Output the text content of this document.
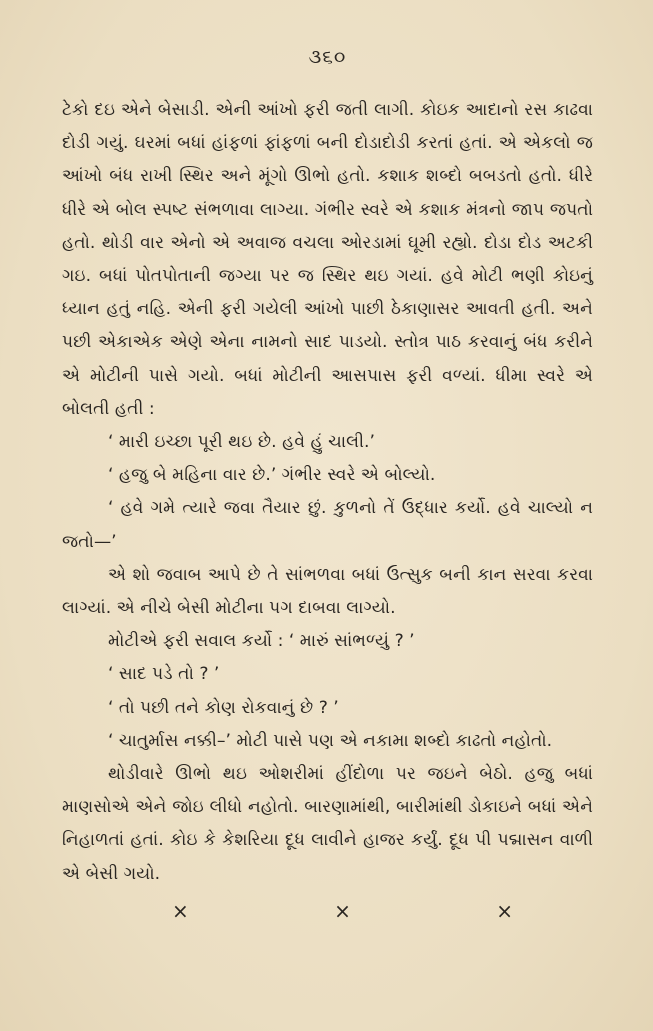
૩૬૦

ટેકો દઇ એને બેસાડી. એની આંખો ફરી જતી લાગી. કોઇક આદાનો રસ કાઢવા દોડી ગયું. ઘરમાં બધાં હાંફળાં ફાંફળાં બની દોડાદોડી કરતાં હતાં. એ એકલો જ આંખો બંધ રાખી સ્થિર અને મૂંગો ઊભો હતો. કશાક શબ્દો બબડતો હતો. ધીરે ધીરે એ બોલ સ્પષ્ટ સંભળાવા લાગ્યા. ગંભીર સ્વરે એ કશાક મંત્રનો જાપ જપતો હતો. થોડી વાર એનો એ અવાજ વચલા ઓરડામાં ઘૂમી રહ્યો. દોડા દોડ અટકી ગઇ. બધાં પોતપોતાની જગ્યા પર જ સ્થિર થઇ ગયાં. હવે મોટી ભણી કોઇનું ધ્યાન હતું નહિ. એની ફરી ગયેલી આંખો પાછી ઠેકાણાસર આવતી હતી. અને પછી એકાએક એણે એના નામનો સાદ પાડયો. સ્તોત્ર પાઠ કરવાનું બંધ કરીને એ મોટીની પાસે ગયો. બધાં મોટીની આસપાસ ફરી વળ્યાં. ધીમા સ્વરે એ બોલતી હતી :

‘ મારી ઇચ્છા પૂરી થઇ છે. હવે હું ચાલી.’

‘ હજુ બે મહિના વાર છે.’ ગંભીર સ્વરે એ બોલ્યો.

‘ હવે ગમે ત્યારે જવા તૈયાર છું. કુળનો તેં ઉદ્ધાર કર્યો. હવે ચાલ્યો ન જતો—’

એ શો જવાબ આપે છે તે સાંભળવા બધાં ઉત્સુક બની કાન સરવા કરવા લાગ્યાં. એ નીચે બેસી મોટીના પગ દાબવા લાગ્યો.

મોટીએ ફરી સવાલ કર્યો : ‘ મારું સાંભળ્યું ? ’

‘ સાદ પડે તો ? ’

‘ તો પછી તને કોણ રોકવાનું છે ? ’

‘ ચાતુર્માસ નક્કી–’ મોટી પાસે પણ એ નકામા શબ્દો કાઢતો નહોતો.

થોડીવારે ઊભો થઇ ઓશરીમાં હીંદોળા પર જઇને બેઠો. હજુ બધાં માણસોએ એને જોઇ લીધો નહોતો. બારણામાંથી, બારીમાંથી ડોકાઇને બધાં એને નિહાળતાં હતાં. કોઇ કે કેશરિયા દૂધ લાવીને હાજર કર્યું. દૂધ પી પદ્માસન વાળી એ બેસી ગયો.

×	×	×
